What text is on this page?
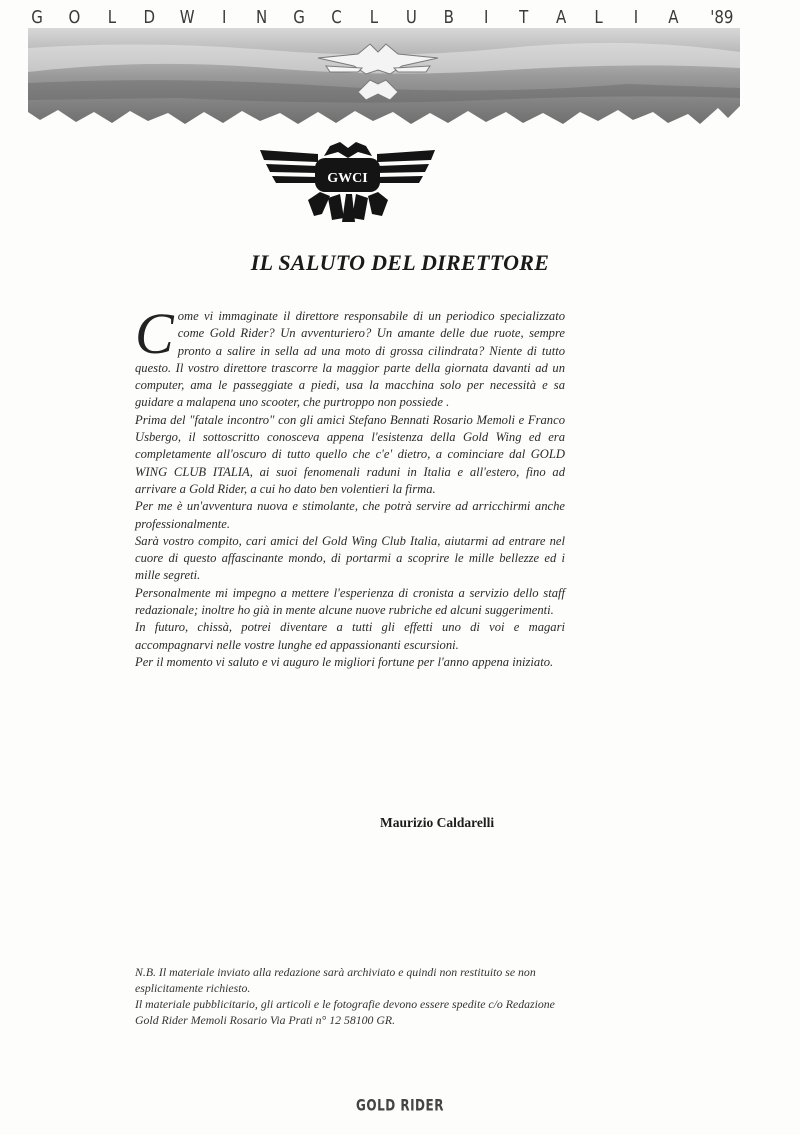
G O L D W	I	N G C L U B	I	T A L	I	A	'89
GWCI
IL SALUTO DEL DIRETTORE

Come vi immaginate il direttore responsabile di un periodico specializzato come Gold Rider? Un avventuriero? Un amante delle due ruote, sempre pronto a salire in sella ad una moto di grossa cilindrata? Niente di tutto questo. Il vostro direttore trascorre la maggior parte della giornata davanti ad un computer, ama le passeggiate a piedi, usa la macchina solo per necessità e sa guidare a malapena uno scooter, che purtroppo non possiede .

Prima del "fatale incontro" con gli amici Stefano Bennati Rosario Memoli e Franco Usbergo, il sottoscritto conosceva appena l'esistenza della Gold Wing ed era completamente all'oscuro di tutto quello che c'e' dietro, a cominciare dal GOLD WING CLUB ITALIA, ai suoi fenomenali raduni in Italia e all'estero, fino ad arrivare a Gold Rider, a cui ho dato ben volentieri la firma.

Per me è un'avventura nuova e stimolante, che potrà servire ad arricchirmi anche professionalmente.

Sarà vostro compito, cari amici del Gold Wing Club Italia, aiutarmi ad entrare nel cuore di questo affascinante mondo, di portarmi a scoprire le mille bellezze ed i mille segreti.

Personalmente mi impegno a mettere l'esperienza di cronista a servizio dello staff redazionale; inoltre ho già in mente alcune nuove rubriche ed alcuni suggerimenti.

In futuro, chissà, potrei diventare a tutti gli effetti uno di voi e magari accompagnarvi nelle vostre lunghe ed appassionanti escursioni.

Per il momento vi saluto e vi auguro le migliori fortune per l'anno appena iniziato.

Maurizio Caldarelli

N.B. Il materiale inviato alla redazione sarà archiviato e quindi non restituito se non esplicitamente richiesto.

Il materiale pubblicitario, gli articoli e le fotografie devono essere spedite c/o Redazione Gold Rider Memoli Rosario Via Prati n° 12 58100 GR.

GOLD RIDER
